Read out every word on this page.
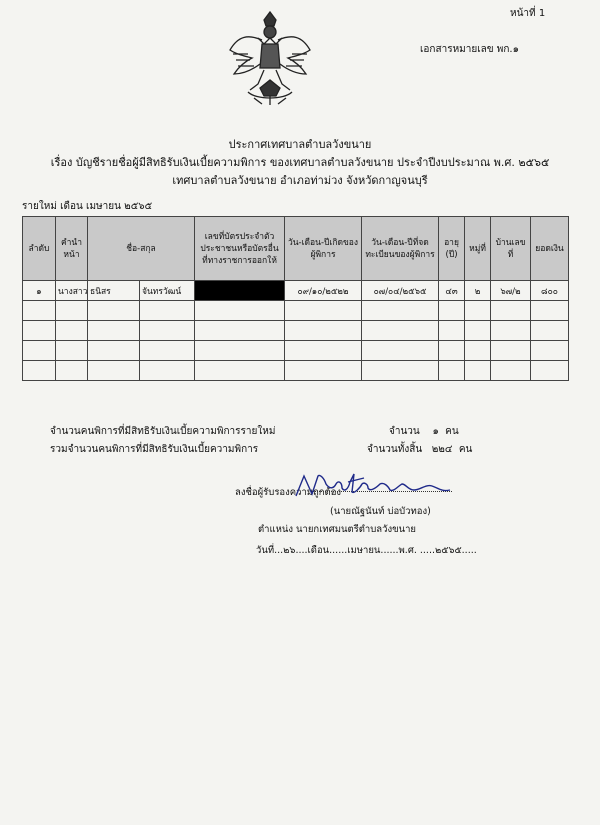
หน้าที่ 1
เอกสารหมายเลข พก.๑
ประกาศเทศบาลตำบลวังขนาย
เรื่อง บัญชีรายชื่อผู้มีสิทธิรับเงินเบี้ยความพิการ ของเทศบาลตำบลวังขนาย ประจำปีงบประมาณ พ.ศ. ๒๕๖๕
เทศบาลตำบลวังขนาย อำเภอท่าม่วง จังหวัดกาญจนบุรี
รายใหม่ เดือน เมษายน ๒๕๖๕
ลำดับ	คำนำหน้า	ชื่อ-สกุล		เลขที่บัตรประจำตัวประชาชนหรือบัตรอื่นที่ทางราชการออกให้	วัน-เดือน-ปีเกิดของผู้พิการ	วัน-เดือน-ปีที่จดทะเบียนของผู้พิการ	อายุ (ปี)	หมู่ที่	บ้านเลขที่	ยอดเงิน
๑	นางสาว	ธนิสร	จันทรวัฒน์		๐๙/๑๐/๒๕๒๒	๐๗/๐๔/๒๕๖๕	๔๓	๒	๖๗/๒	๘๐๐

จำนวนคนพิการที่มีสิทธิรับเงินเบี้ยความพิการรายใหม่	จำนวน    ๑  คน
รวมจำนวนคนพิการที่มีสิทธิรับเงินเบี้ยความพิการ	จำนวนทั้งสิ้น   ๒๒๔  คน
ลงชื่อผู้รับรองความถูกต้อง
(นายณัฐนันท์ บ่อบัวทอง)
ตำแหน่ง นายกเทศมนตรีตำบลวังขนาย
วันที่...๒๖....เดือน......เมษายน......พ.ศ. .....๒๕๖๕.....
